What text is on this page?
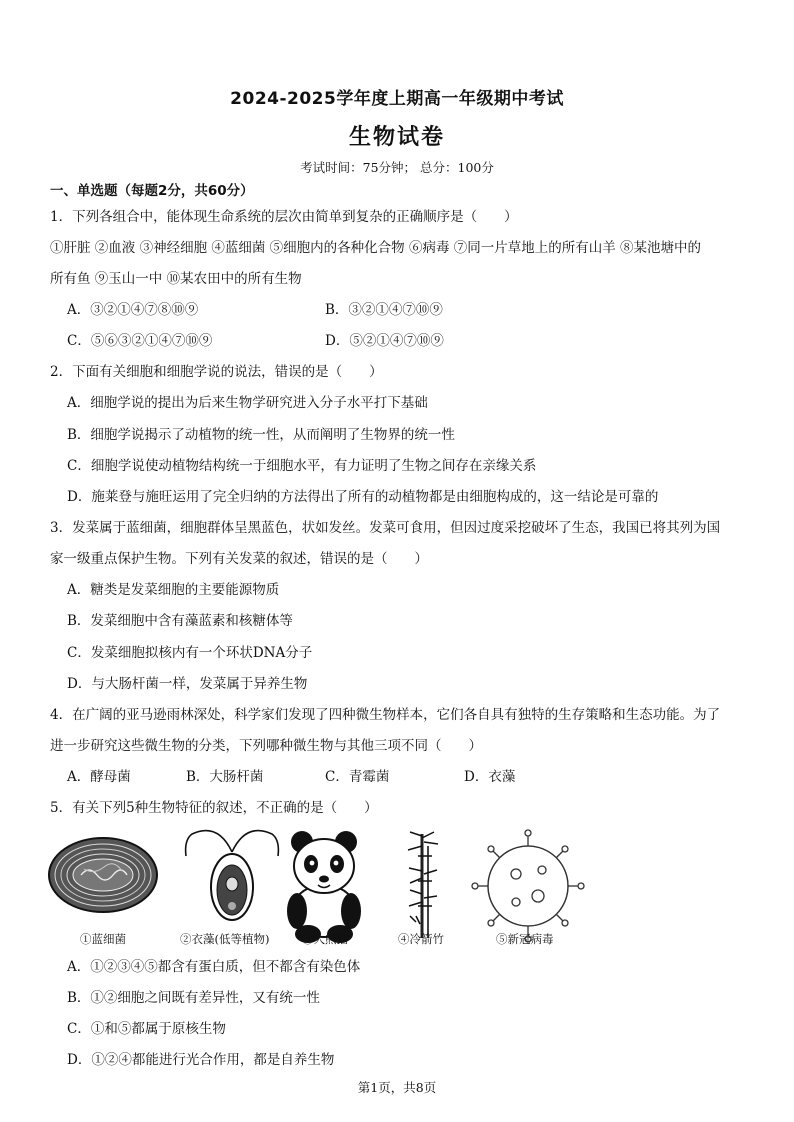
2024-2025学年度上期高一年级期中考试
生物试卷
考试时间：75分钟； 总分：100分
一、单选题（每题2分，共60分）
1．下列各组合中，能体现生命系统的层次由简单到复杂的正确顺序是（　　）
①肝脏 ②血液 ③神经细胞 ④蓝细菌 ⑤细胞内的各种化合物 ⑥病毒 ⑦同一片草地上的所有山羊 ⑧某池塘中的
所有鱼 ⑨玉山一中 ⑩某农田中的所有生物
A．③②①④⑦⑧⑩⑨	B．③②①④⑦⑩⑨
C．⑤⑥③②①④⑦⑩⑨	D．⑤②①④⑦⑩⑨
2．下面有关细胞和细胞学说的说法，错误的是（　　）
A．细胞学说的提出为后来生物学研究进入分子水平打下基础
B．细胞学说揭示了动植物的统一性，从而阐明了生物界的统一性
C．细胞学说使动植物结构统一于细胞水平，有力证明了生物之间存在亲缘关系
D．施莱登与施旺运用了完全归纳的方法得出了所有的动植物都是由细胞构成的，这一结论是可靠的
3．发菜属于蓝细菌，细胞群体呈黑蓝色，状如发丝。发菜可食用，但因过度采挖破坏了生态，我国已将其列为国
家一级重点保护生物。下列有关发菜的叙述，错误的是（　　）
A．糖类是发菜细胞的主要能源物质
B．发菜细胞中含有藻蓝素和核糖体等
C．发菜细胞拟核内有一个环状DNA分子
D．与大肠杆菌一样，发菜属于异养生物
4．在广阔的亚马逊雨林深处，科学家们发现了四种微生物样本，它们各自具有独特的生存策略和生态功能。为了
进一步研究这些微生物的分类，下列哪种微生物与其他三项不同（　　）
A．酵母菌	B．大肠杆菌	C．青霉菌	D．衣藻
5．有关下列5种生物特征的叙述，不正确的是（　　）
①蓝细菌	②衣藻(低等植物)	③大熊猫	④冷箭竹	⑤新冠病毒
A．①②③④⑤都含有蛋白质，但不都含有染色体
B．①②细胞之间既有差异性，又有统一性
C．①和⑤都属于原核生物
D．①②④都能进行光合作用，都是自养生物
第1页，共8页
